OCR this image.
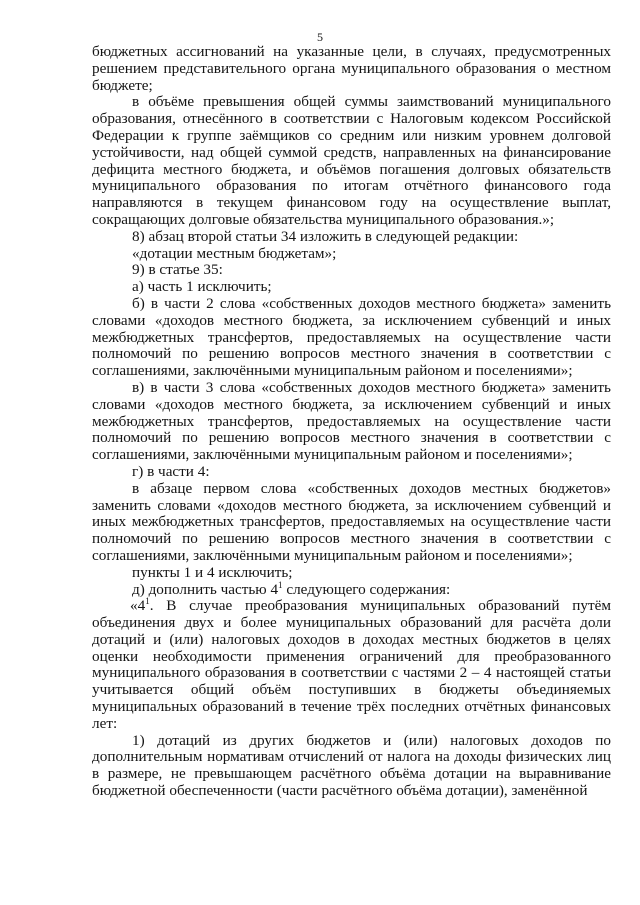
5

бюджетных ассигнований на указанные цели, в случаях, предусмотренных решением представительного органа муниципального образования о местном бюджете;

в объёме превышения общей суммы заимствований муниципального образования, отнесённого в соответствии с Налоговым кодексом Российской Федерации к группе заёмщиков со средним или низким уровнем долговой устойчивости, над общей суммой средств, направленных на финансирование дефицита местного бюджета, и объёмов погашения долговых обязательств муниципального образования по итогам отчётного финансового года направляются в текущем финансовом году на осуществление выплат, сокращающих долговые обязательства муниципального образования.»;

8) абзац второй статьи 34 изложить в следующей редакции:

«дотации местным бюджетам»;

9) в статье 35:

а) часть 1 исключить;

б) в части 2 слова «собственных доходов местного бюджета» заменить словами «доходов местного бюджета, за исключением субвенций и иных межбюджетных трансфертов, предоставляемых на осуществление части полномочий по решению вопросов местного значения в соответствии с соглашениями, заключёнными муниципальным районом и поселениями»;

в) в части 3 слова «собственных доходов местного бюджета» заменить словами «доходов местного бюджета, за исключением субвенций и иных межбюджетных трансфертов, предоставляемых на осуществление части полномочий по решению вопросов местного значения в соответствии с соглашениями, заключёнными муниципальным районом и поселениями»;

г) в части 4:

в абзаце первом слова «собственных доходов местных бюджетов» заменить словами «доходов местного бюджета, за исключением субвенций и иных межбюджетных трансфертов, предоставляемых на осуществление части полномочий по решению вопросов местного значения в соответствии с соглашениями, заключёнными муниципальным районом и поселениями»;

пункты 1 и 4 исключить;

д) дополнить частью $4^1$ следующего содержания:

«$4^1$. В случае преобразования муниципальных образований путём объединения двух и более муниципальных образований для расчёта доли дотаций и (или) налоговых доходов в доходах местных бюджетов в целях оценки необходимости применения ограничений для преобразованного муниципального образования в соответствии с частями 2 – 4 настоящей статьи учитывается общий объём поступивших в бюджеты объединяемых муниципальных образований в течение трёх последних отчётных финансовых лет:

1) дотаций из других бюджетов и (или) налоговых доходов по дополнительным нормативам отчислений от налога на доходы физических лиц в размере, не превышающем расчётного объёма дотации на выравнивание бюджетной обеспеченности (части расчётного объёма дотации), заменённой
